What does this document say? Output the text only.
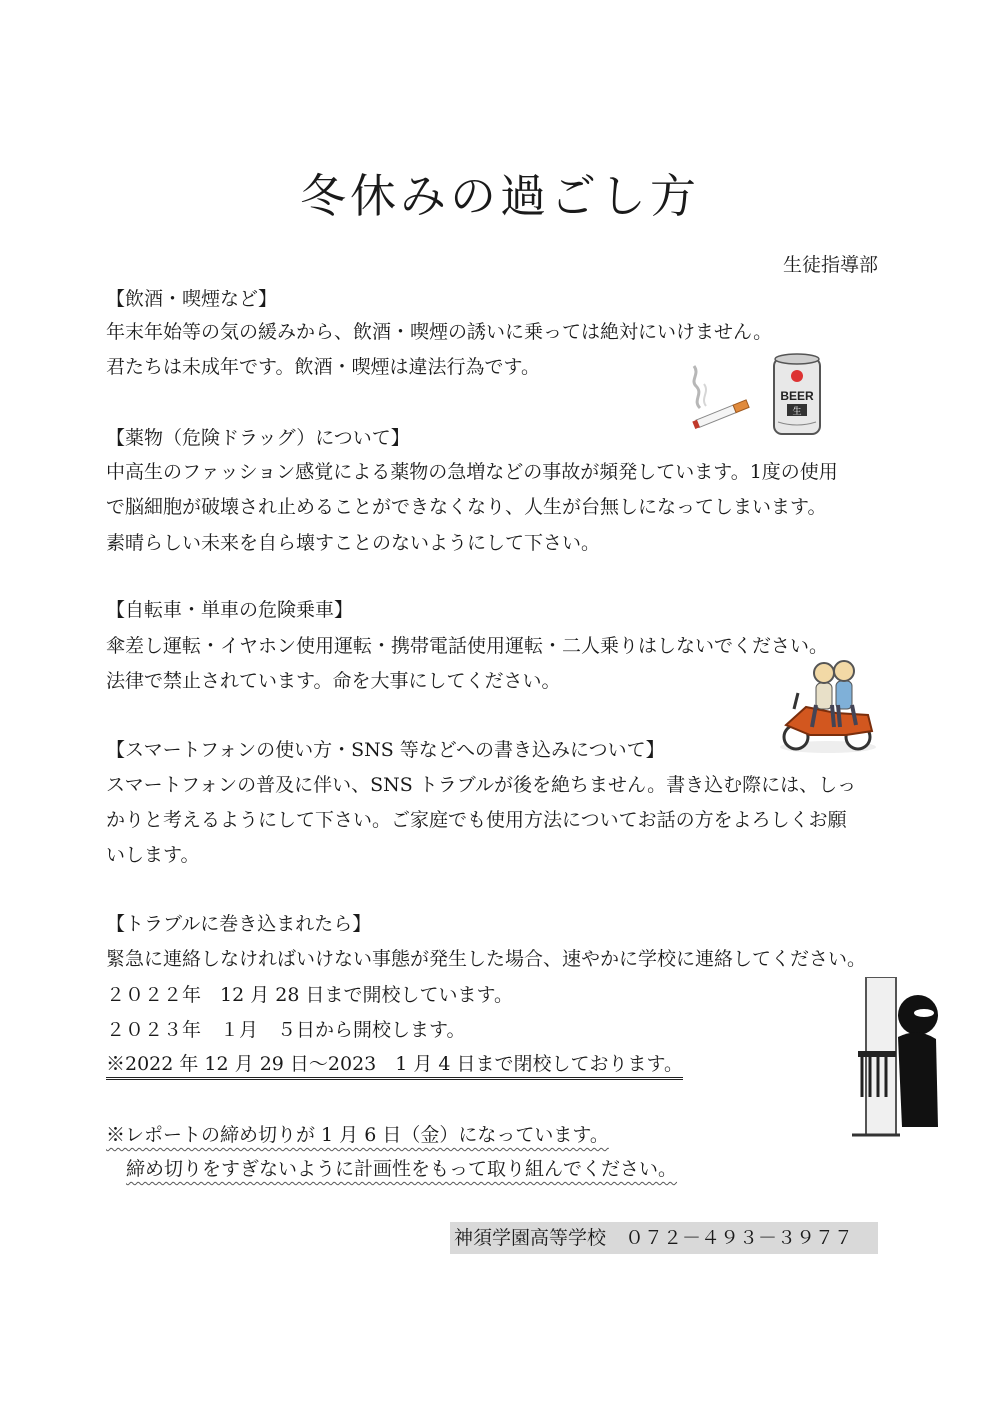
冬休みの過ごし方
生徒指導部
【飲酒・喫煙など】
年末年始等の気の緩みから、飲酒・喫煙の誘いに乗っては絶対にいけません。
君たちは未成年です。飲酒・喫煙は違法行為です。
【薬物（危険ドラッグ）について】
中高生のファッション感覚による薬物の急増などの事故が頻発しています。1度の使用
で脳細胞が破壊され止めることができなくなり、人生が台無しになってしまいます。
素晴らしい未来を自ら壊すことのないようにして下さい。
【自転車・単車の危険乗車】
傘差し運転・イヤホン使用運転・携帯電話使用運転・二人乗りはしないでください。
法律で禁止されています。命を大事にしてください。
【スマートフォンの使い方・SNS 等などへの書き込みについて】
スマートフォンの普及に伴い、SNS トラブルが後を絶ちません。書き込む際には、しっ
かりと考えるようにして下さい。ご家庭でも使用方法についてお話の方をよろしくお願
いします。
【トラブルに巻き込まれたら】
緊急に連絡しなければいけない事態が発生した場合、速やかに学校に連絡してください。
２０２２年　12 月 28 日まで開校しています。
２０２３年　１月　５日から開校します。
※2022 年 12 月 29 日～2023　1 月 4 日まで閉校しております。
※レポートの締め切りが 1 月 6 日（金）になっています。
締め切りをすぎないように計画性をもって取り組んでください。
神須学園高等学校　０７２－４９３－３９７７
BEER
生
